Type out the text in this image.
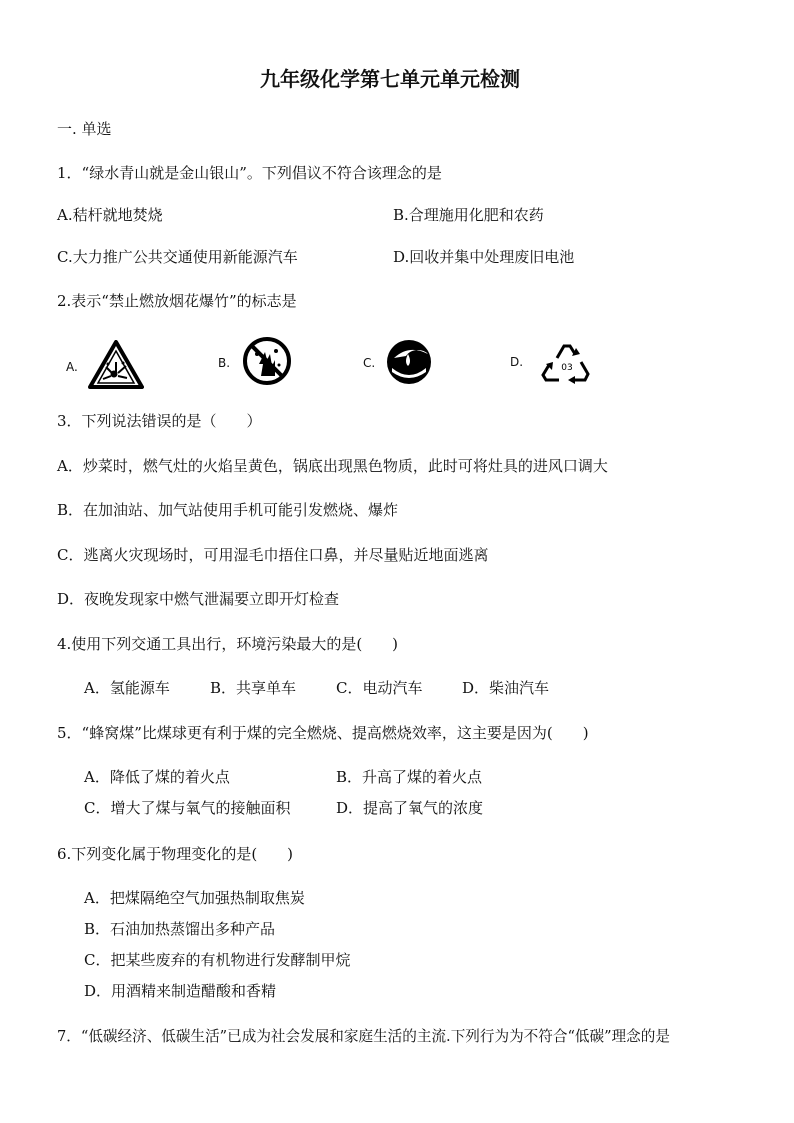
九年级化学第七单元单元检测
一. 单选
1．“绿水青山就是金山银山”。下列倡议不符合该理念的是
A.秸杆就地焚烧	B.合理施用化肥和农药
C.大力推广公共交通使用新能源汽车	D.回收并集中处理废旧电池
2.表示“禁止燃放烟花爆竹”的标志是
A.	B.	C.	D.	03
3．下列说法错误的是（　　）
A．炒菜时，燃气灶的火焰呈黄色，锅底出现黑色物质，此时可将灶具的进风口调大
B．在加油站、加气站使用手机可能引发燃烧、爆炸
C．逃离火灾现场时，可用湿毛巾捂住口鼻，并尽量贴近地面逃离
D．夜晚发现家中燃气泄漏要立即开灯检查
4.使用下列交通工具出行，环境污染最大的是(　　)
A．氢能源车	B．共享单车	C．电动汽车	D．柴油汽车
5．“蜂窝煤”比煤球更有利于煤的完全燃烧、提高燃烧效率，这主要是因为(　　)
A．降低了煤的着火点	B．升高了煤的着火点
C．增大了煤与氧气的接触面积	D．提高了氧气的浓度
6.下列变化属于物理变化的是(　　)
A．把煤隔绝空气加强热制取焦炭
B．石油加热蒸馏出多种产品
C．把某些废弃的有机物进行发酵制甲烷
D．用酒精来制造醋酸和香精
7．“低碳经济、低碳生活”已成为社会发展和家庭生活的主流.下列行为为不符合“低碳”理念的是
